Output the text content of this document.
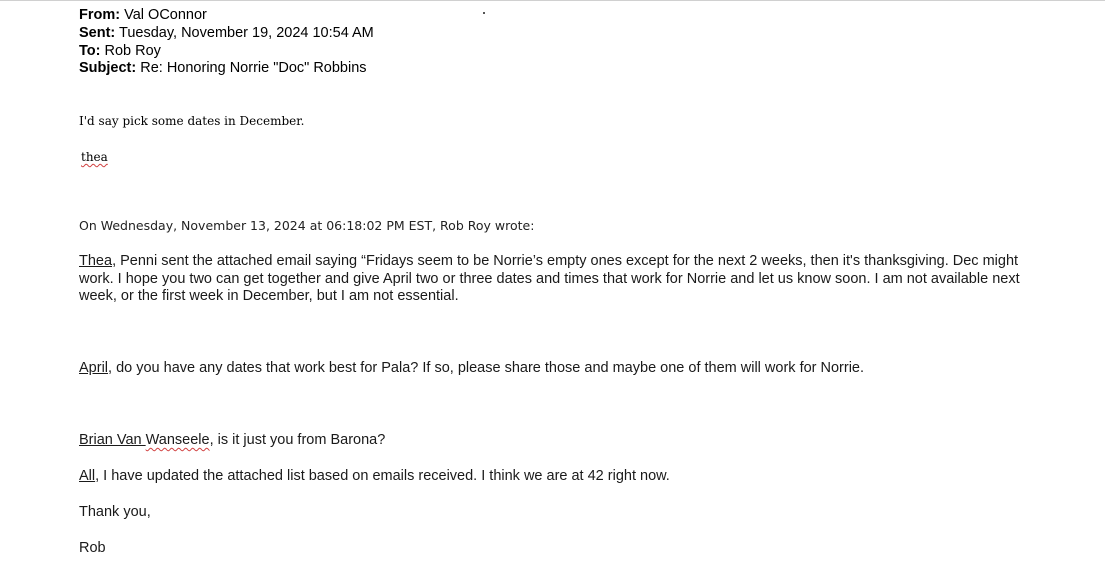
From: Val OConnor
Sent: Tuesday, November 19, 2024 10:54 AM
To: Rob Roy
Subject: Re: Honoring Norrie "Doc" Robbins
I'd say pick some dates in December.
thea
On Wednesday, November 13, 2024 at 06:18:02 PM EST, Rob Roy wrote:
Thea, Penni sent the attached email saying “Fridays seem to be Norrie’s empty ones except for the next 2 weeks, then it's thanksgiving. Dec might work. I hope you two can get together and give April two or three dates and times that work for Norrie and let us know soon. I am not available next week, or the first week in December, but I am not essential.
April, do you have any dates that work best for Pala? If so, please share those and maybe one of them will work for Norrie.
Brian Van Wanseele, is it just you from Barona?
All, I have updated the attached list based on emails received. I think we are at 42 right now.
Thank you,
Rob
